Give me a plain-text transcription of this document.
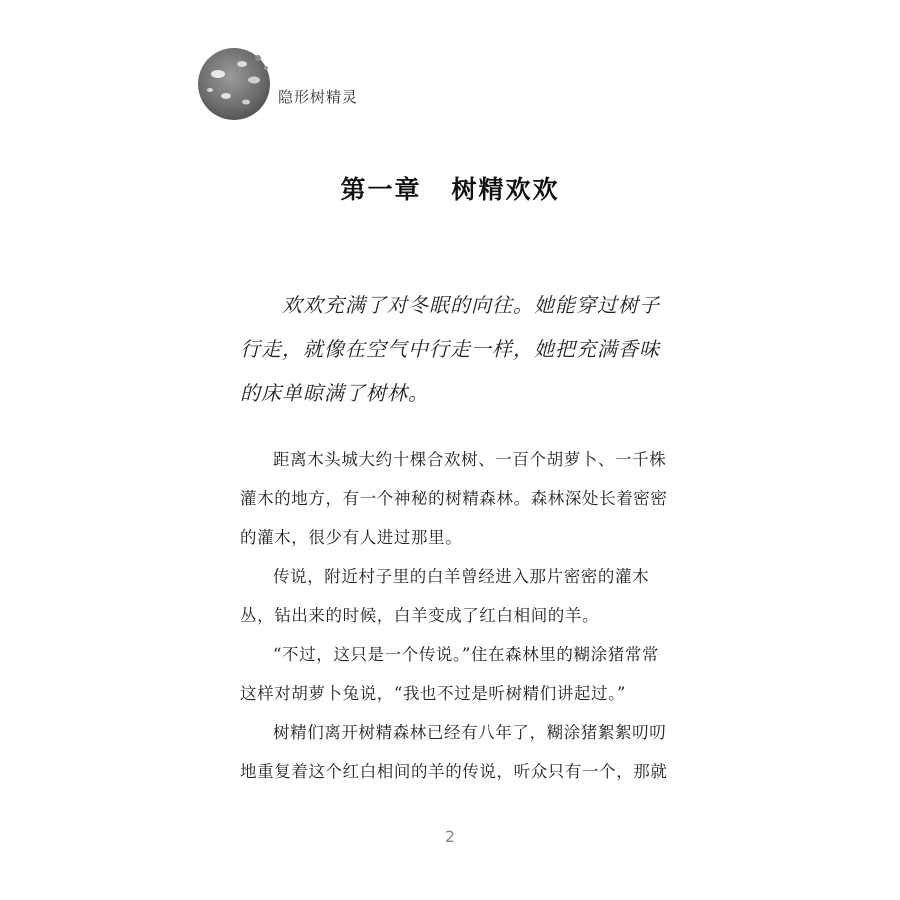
隐形树精灵
第一章 树精欢欢

欢欢充满了对冬眠的向往。她能穿过树子行走，就像在空气中行走一样，她把充满香味的床单晾满了树林。

距离木头城大约十棵合欢树、一百个胡萝卜、一千株灌木的地方，有一个神秘的树精森林。森林深处长着密密的灌木，很少有人进过那里。

传说，附近村子里的白羊曾经进入那片密密的灌木丛，钻出来的时候，白羊变成了红白相间的羊。

“不过，这只是一个传说。”住在森林里的糊涂猪常常这样对胡萝卜兔说，“我也不过是听树精们讲起过。”

树精们离开树精森林已经有八年了，糊涂猪絮絮叨叨地重复着这个红白相间的羊的传说，听众只有一个，那就

2
